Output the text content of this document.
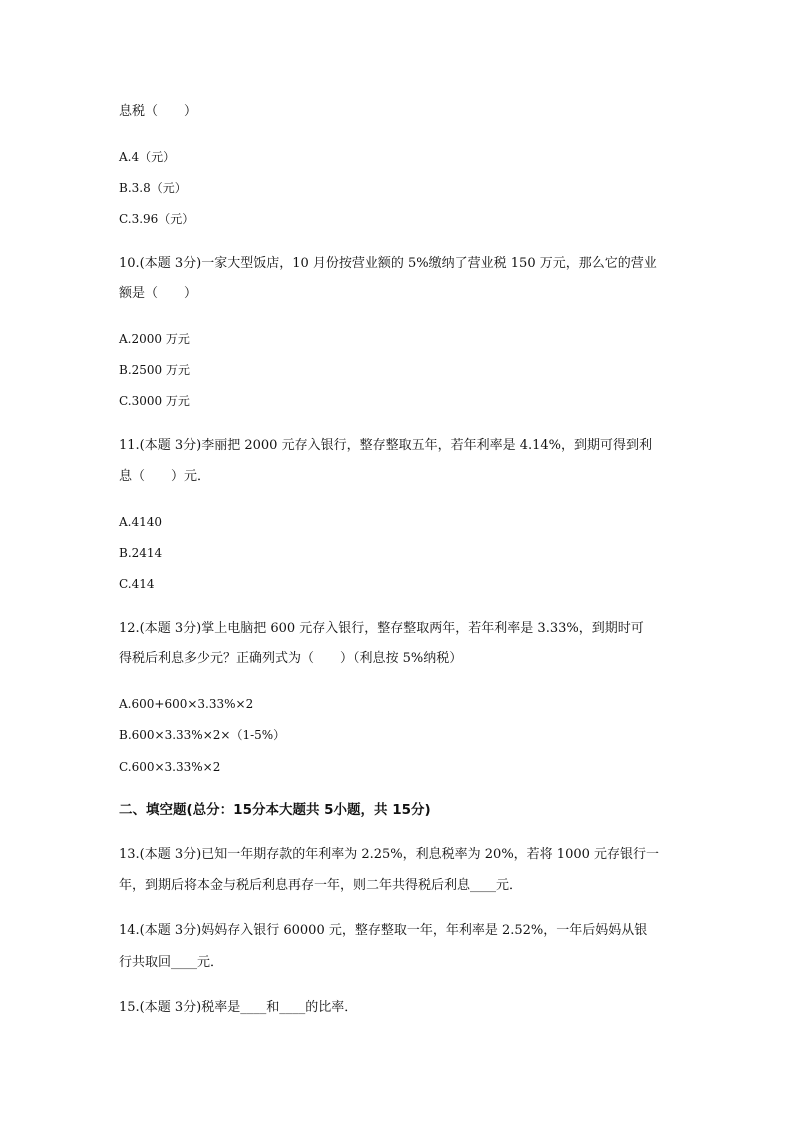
息税（　　）
A.4（元）
B.3.8（元）
C.3.96（元）
10.(本题 3分)一家大型饭店，10 月份按营业额的 5%缴纳了营业税 150 万元，那么它的营业
额是（　　）
A.2000 万元
B.2500 万元
C.3000 万元
11.(本题 3分)李丽把 2000 元存入银行，整存整取五年，若年利率是 4.14%，到期可得到利
息（　　）元．
A.4140
B.2414
C.414
12.(本题 3分)掌上电脑把 600 元存入银行，整存整取两年，若年利率是 3.33%，到期时可
得税后利息多少元？正确列式为（　　）（利息按 5%纳税）
A.600+600×3.33%×2
B.600×3.33%×2×（1-5%）
C.600×3.33%×2
二、填空题(总分：15分本大题共 5小题，共 15分)
13.(本题 3分)已知一年期存款的年利率为 2.25%，利息税率为 20%，若将 1000 元存银行一
年，到期后将本金与税后利息再存一年，则二年共得税后利息____元．
14.(本题 3分)妈妈存入银行 60000 元，整存整取一年，年利率是 2.52%，一年后妈妈从银
行共取回____元．
15.(本题 3分)税率是____和____的比率．
